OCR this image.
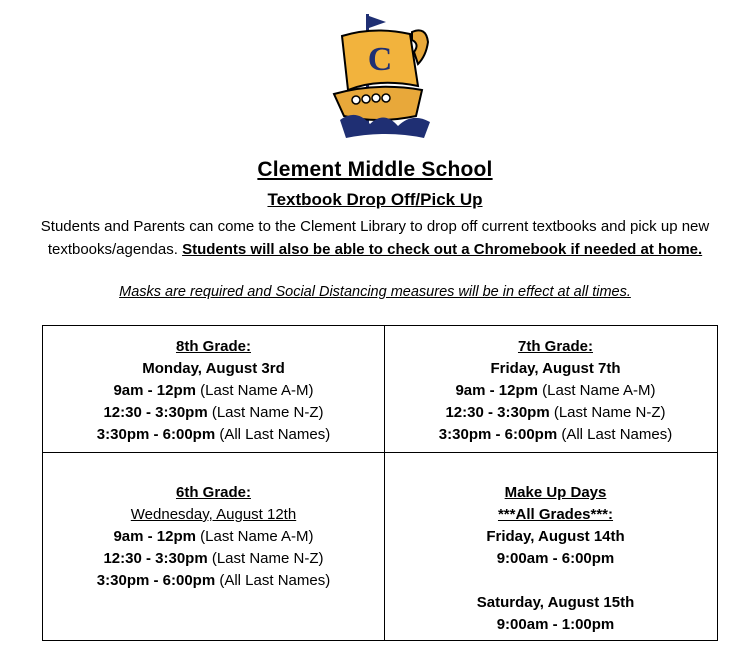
C
Clement Middle School
Textbook Drop Off/Pick Up
Students and Parents can come to the Clement Library to drop off current textbooks and pick up new
textbooks/agendas. Students will also be able to check out a Chromebook if needed at home.
Masks are required and Social Distancing measures will be in effect at all times.
8th Grade:
Monday, August 3rd
9am - 12pm (Last Name A-M)
12:30 - 3:30pm (Last Name N-Z)
3:30pm - 6:00pm (All Last Names)
7th Grade:
Friday, August 7th
9am - 12pm (Last Name A-M)
12:30 - 3:30pm (Last Name N-Z)
3:30pm - 6:00pm (All Last Names)
6th Grade:
Wednesday, August 12th
9am - 12pm (Last Name A-M)
12:30 - 3:30pm (Last Name N-Z)
3:30pm - 6:00pm (All Last Names)
Make Up Days
***All Grades***:
Friday, August 14th
9:00am - 6:00pm
Saturday, August 15th
9:00am - 1:00pm
